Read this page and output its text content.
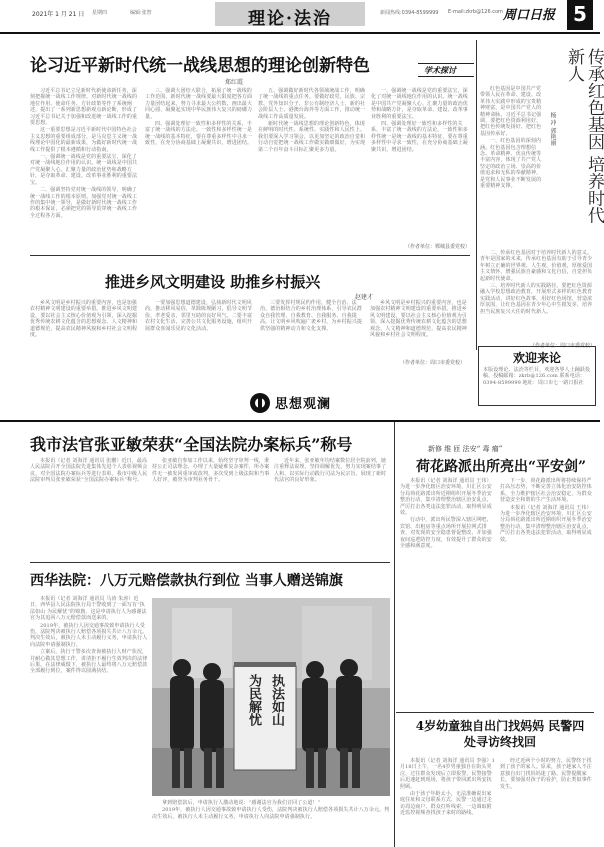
2021年 1 月 21 日 星期四	编辑:张智	理论·法治	新闻热线:0394-8599999 E-mail:zkrb@126.com 周口日报 5
论习近平新时代统一战线思想的理论创新特色
郑红霞

习近平总书记立足新时代新使命新任务，深刻把握统一战线工作规律，对新时代统一战线的地位作用、使命任务、方针政策等作了系统阐述，提出了一系列新思想新观点新论断，形成了习近平总书记关于加强和改进统一战线工作的重要思想。

这一重要思想是习近平新时代中国特色社会主义思想的重要组成部分，是马克思主义统一战线理论中国化的最新成果，为做好新时代统一战线工作提供了根本遵循和行动指南。

一、强调统一战线是党的重要法宝，深化了对统一战线地位作用的认识。统一战线是中国共产党凝聚人心、汇聚力量的政治优势和战略方针，是夺取革命、建设、改革事业胜利的重要法宝。

二、强调坚持党对统一战线的领导，明确了统一战线工作的根本原则。加强党对统一战线工作的集中统一领导，是做好新时代统一战线工作的根本保证，必须把党的领导贯穿统一战线工作全过程各方面。

三、强调大团结大联合，拓展了统一战线的工作范围。新时代统一战线要最大限度把各方面力量团结起来，努力寻求最大公约数、画出最大同心圆，凝聚起实现中华民族伟大复兴的磅礴力量。

四、强调处理好一致性和多样性的关系，丰富了统一战线的方法论。一致性和多样性统一是统一战线的基本特征，要在尊重多样性中寻求一致性，在充分协商基础上凝聚共识，增进团结。

五、强调做好新时代各领域统战工作，明确了统一战线的重点任务。要做好政党、民族、宗教、党外知识分子、非公有制经济人士、新的社会阶层人士、港澳台海外等方面工作，推动统一战线工作高质量发展。

新时代统一战线思想的理论创新特色，体现在鲜明的时代性、系统性、实践性和人民性上。我们要深入学习领会，以更加坚定的政治自觉和行动自觉把统一战线工作做实做细做好，为实现第二个百年奋斗目标汇聚更多力量。

一、强调统一战线是党的重要法宝，深化了对统一战线地位作用的认识。统一战线是中国共产党凝聚人心、汇聚力量的政治优势和战略方针，是夺取革命、建设、改革事业胜利的重要法宝。

四、强调处理好一致性和多样性的关系，丰富了统一战线的方法论。一致性和多样性统一是统一战线的基本特征，要在尊重多样性中寻求一致性，在充分协商基础上凝聚共识，增进团结。

（作者单位：郸城县委党校）
学术探讨	传承红色基因 培养时代新人
杨 冲 郭艳丽

红色基因是中国共产党带领人民在革命、建设、改革伟大实践中形成的宝贵精神财富，是中国共产党人的精神命脉。习近平总书记强调，要把红色资源利用好、把红色传统发扬好、把红色基因传承好。

一、红色基因的深刻内涵。红色基因包含理想信念、革命精神、优良传统等丰富内容，体现了共产党人坚定的政治立场、崇高的价值追求和无私的奉献精神，是党和人民事业不断发展的重要精神支撑。

二、传承红色基因对于培养时代新人的意义。青年是国家的未来，传承红色基因有助于引导青少年树立正确的世界观、人生观、价值观，厚植爱国主义情怀，增强民族自豪感和文化自信，自觉担负起新时代使命。

三、培养时代新人的实践路径。要把红色资源融入学校思想政治教育，开展形式多样的红色教育实践活动，讲好红色故事，用好红色场馆，营造浓厚氛围，让红色基因在青少年心中生根发芽，培养担当民族复兴大任的时代新人。

（作者单位：周口市委党校）
推进乡风文明建设 助推乡村振兴
赵建才

乡风文明是乡村振兴的重要内容，也是加强农村精神文明建设的重要举措。推进乡风文明建设，要以社会主义核心价值观为引领，深入挖掘优秀传统农耕文化蕴含的思想观念、人文精神和道德规范，提高农民精神风貌和乡村社会文明程度。

一要加强思想道德建设，弘扬新时代文明风尚，推动移风易俗，革除陈规陋习，倡导文明节俭、孝老爱亲、邻里互助的良好风气。二要丰富农村文化生活，完善公共文化服务设施，组织开展群众喜闻乐见的文化活动。

三要发挥村规民约作用，健全自治、法治、德治相结合的乡村治理体系，引导农民群众自我管理、自我教育、自我服务、自我提高，让文明乡风吹遍广袤乡村，为乡村振兴提供坚强的精神动力和文化支撑。

乡风文明是乡村振兴的重要内容，也是加强农村精神文明建设的重要举措。推进乡风文明建设，要以社会主义核心价值观为引领，深入挖掘优秀传统农耕文化蕴含的思想观念、人文精神和道德规范，提高农民精神风貌和乡村社会文明程度。

（作者单位：周口市委党校）
思想观澜
欢迎来论
本版设理论、法治等栏目，欢迎各界人士踊跃投稿。投稿邮箱：zkrb@126.com 联系电话：0394-8599999 地址：周口市七一路日报社
我市法官张亚敏荣获“全国法院办案标兵”称号

本报讯（记者 刘海洋 通讯员 张鹏）近日，最高人民法院召开全国法院先进集体先进个人表彰视频会议，对全国法院办案标兵等进行表彰。我市中级人民法院审判员张亚敏荣获“全国法院办案标兵”称号。

张亚敏自参加工作以来，始终坚守审判一线，秉持公正司法理念，办理了大量疑难复杂案件，所办案件无一被发回重审或改判，多次受到上级法院和当事人好评，被誉为审判业务骨干。

近年来，张亚敏年均结案数位居全院前列，她注重释法说理，坚持调解优先，努力实现案结事了人和，以实际行动践行司法为民宗旨，展现了新时代法官的良好形象。

新修 维 匝 法安“ 毒 瘤”
荷花路派出所亮出“平安剑”

本报讯（记者 刘海洋 通讯员 王伟）为进一步净化辖区治安环境，川汇区公安分局荷花路派出所近期组织开展冬季治安整治行动，集中清理整治辖区治安乱点，严厉打击各类违法犯罪活动，取得明显成效。

行动中，派出所民警深入辖区网吧、宾馆、出租房等重点场所开展拉网式排查，对发现的安全隐患督促整改，并加强夜间巡逻防控力度，有效提升了群众的安全感和满意度。

下一步，荷花路派出所将持续保持严打高压态势，不断完善立体化治安防控体系，全力维护辖区社会治安稳定，为群众营造安全和谐的生产生活环境。

本报讯（记者 刘海洋 通讯员 王伟）为进一步净化辖区治安环境，川汇区公安分局荷花路派出所近期组织开展冬季治安整治行动，集中清理整治辖区治安乱点，严厉打击各类违法犯罪活动，取得明显成效。

西华法院：八万元赔偿款执行到位 当事人赠送锦旗

本报讯（记者 刘海洋 通讯员 马涛 朱涛）近日，西华县人民法院执行局干警收到了一面写有“执法如山 为民解忧”的锦旗，这是申请执行人为感谢法官为其追回八万元赔偿款而送来的。

2019年，被执行人因交通事故致申请执行人受伤，法院判决被执行人赔偿各项损失共计八万余元。判决生效后，被执行人未主动履行义务，申请执行人向法院申请强制执行。

立案后，执行干警多次查询被执行人财产状况，并耐心做其思想工作，讲清拒不履行生效判决的法律后果。在法律威慑下，被执行人最终将八万元赔偿款全部履行到位，案件得以圆满执结。

拿到赔偿款后，申请执行人激动地说：“感谢法官为我们讨回了公道！”

2019年，被执行人因交通事故致申请执行人受伤，法院判决被执行人赔偿各项损失共计八万余元。判决生效后，被执行人未主动履行义务，申请执行人向法院申请强制执行。

执法如山
为民解忧	4岁幼童独自出门找妈妈 民警四处寻访终找回

本报讯（记者 刘海洋 通讯员 李强）1月18日上午，一名4岁男童独自在街头哭泣，过往群众发现后立即报警。民警接警后迅速赶到现场，将孩子带回派出所安抚照顾。

由于孩子年龄太小，无法准确说出家庭住址和父母联系方式，民警一边通过走访周边商户、群众打听线索，一边调取附近监控视频查找孩子来时的路线。

经过近两个小时的努力，民警终于找到了孩子的家人。原来，孩子趁家人不注意独自出门找妈妈迷了路。民警提醒家长，要加强对孩子的看护，防止类似事件发生。
